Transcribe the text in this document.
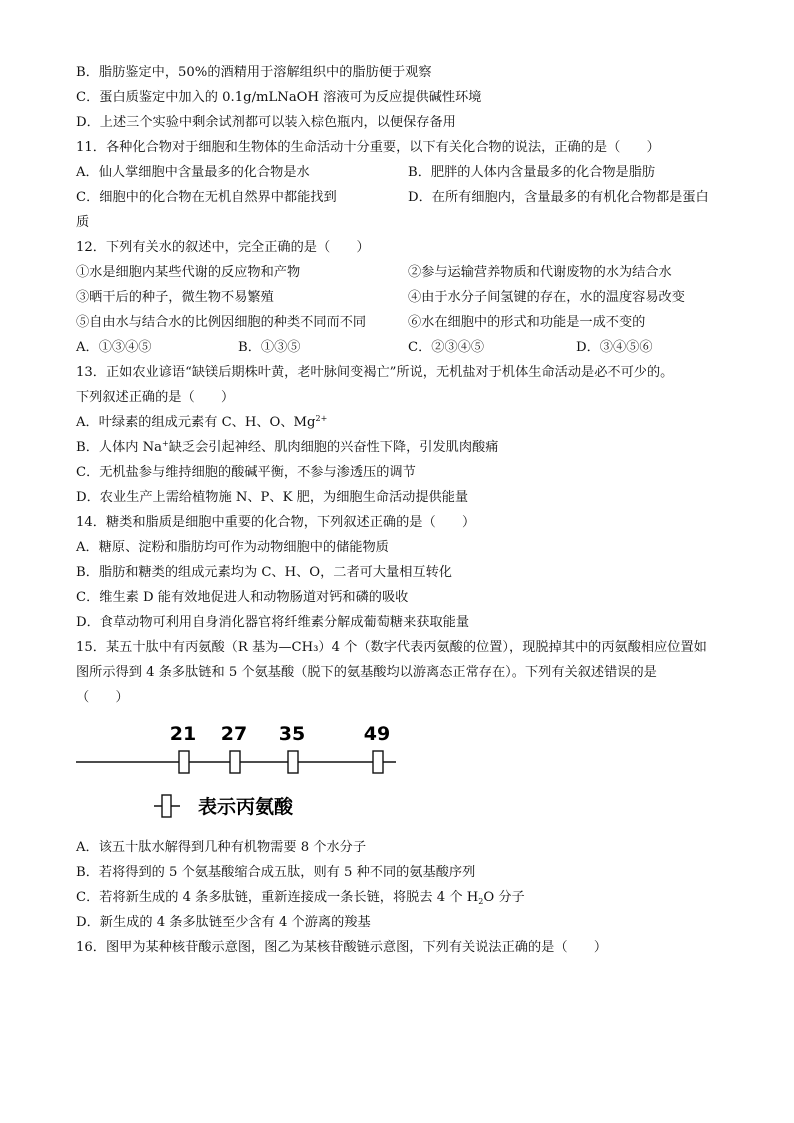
B．脂肪鉴定中，50%的酒精用于溶解组织中的脂肪便于观察
C．蛋白质鉴定中加入的 0.1g/mLNaOH 溶液可为反应提供碱性环境
D．上述三个实验中剩余试剂都可以装入棕色瓶内，以便保存备用
11．各种化合物对于细胞和生物体的生命活动十分重要，以下有关化合物的说法，正确的是（　　）
A．仙人掌细胞中含量最多的化合物是水	B．肥胖的人体内含量最多的化合物是脂肪
C．细胞中的化合物在无机自然界中都能找到	D．在所有细胞内，含量最多的有机化合物都是蛋白
质
12．下列有关水的叙述中，完全正确的是（　　）
①水是细胞内某些代谢的反应物和产物	②参与运输营养物质和代谢废物的水为结合水
③晒干后的种子，微生物不易繁殖	④由于水分子间氢键的存在，水的温度容易改变
⑤自由水与结合水的比例因细胞的种类不同而不同	⑥水在细胞中的形式和功能是一成不变的
A．①③④⑤	B．①③⑤	C．②③④⑤	D．③④⑤⑥
13．正如农业谚语“缺镁后期株叶黄，老叶脉间变褐亡”所说，无机盐对于机体生命活动是必不可少的。
下列叙述正确的是（　　）
A．叶绿素的组成元素有 C、H、O、$Mg^{2+}$
B．人体内 Na+缺乏会引起神经、肌肉细胞的兴奋性下降，引发肌肉酸痛
C．无机盐参与维持细胞的酸碱平衡，不参与渗透压的调节
D．农业生产上需给植物施 N、P、K 肥，为细胞生命活动提供能量
14．糖类和脂质是细胞中重要的化合物，下列叙述正确的是（　　）
A．糖原、淀粉和脂肪均可作为动物细胞中的储能物质
B．脂肪和糖类的组成元素均为 C、H、O，二者可大量相互转化
C．维生素 D 能有效地促进人和动物肠道对钙和磷的吸收
D．食草动物可利用自身消化器官将纤维素分解成葡萄糖来获取能量
15．某五十肽中有丙氨酸（R 基为—CH₃）4 个（数字代表丙氨酸的位置），现脱掉其中的丙氨酸相应位置如
图所示得到 4 条多肽链和 5 个氨基酸（脱下的氨基酸均以游离态正常存在）。下列有关叙述错误的是
（　　）
21 27 35	49
表示丙氨酸
A．该五十肽水解得到几种有机物需要 8 个水分子
B．若将得到的 5 个氨基酸缩合成五肽，则有 5 种不同的氨基酸序列
C．若将新生成的 4 条多肽链，重新连接成一条长链，将脱去 4 个 H2O 分子
D．新生成的 4 条多肽链至少含有 4 个游离的羧基
16．图甲为某种核苷酸示意图，图乙为某核苷酸链示意图，下列有关说法正确的是（　　）
